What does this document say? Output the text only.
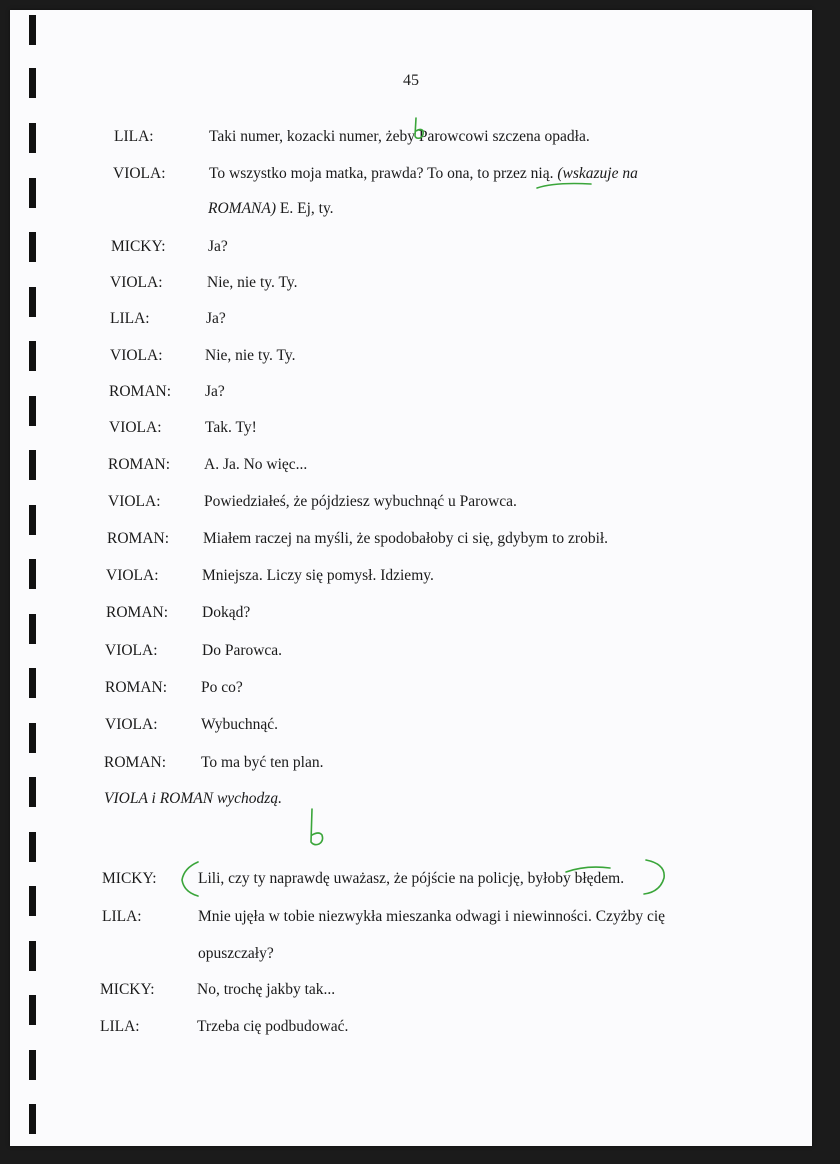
45
LILA:	Taki numer, kozacki numer, żeby Parowcowi szczena opadła.
VIOLA:	To wszystko moja matka, prawda? To ona, to przez nią. (wskazuje na
ROMANA) E. Ej, ty.
MICKY:	Ja?
VIOLA:	Nie, nie ty. Ty.
LILA:	Ja?
VIOLA:	Nie, nie ty. Ty.
ROMAN: Ja?
VIOLA:	Tak. Ty!
ROMAN: A. Ja. No więc...
VIOLA:	Powiedziałeś, że pójdziesz wybuchnąć u Parowca.
ROMAN: Miałem raczej na myśli, że spodobałoby ci się, gdybym to zrobił.
VIOLA:	Mniejsza. Liczy się pomysł. Idziemy.
ROMAN: Dokąd?
VIOLA:	Do Parowca.
ROMAN: Po co?
VIOLA:	Wybuchnąć.
ROMAN: To ma być ten plan.
VIOLA i ROMAN wychodzą.
MICKY:	Lili, czy ty naprawdę uważasz, że pójście na policję, byłoby błędem.
LILA:	Mnie ujęła w tobie niezwykła mieszanka odwagi i niewinności. Czyżby cię
opuszczały?
MICKY:	No, trochę jakby tak...
LILA:	Trzeba cię podbudować.
